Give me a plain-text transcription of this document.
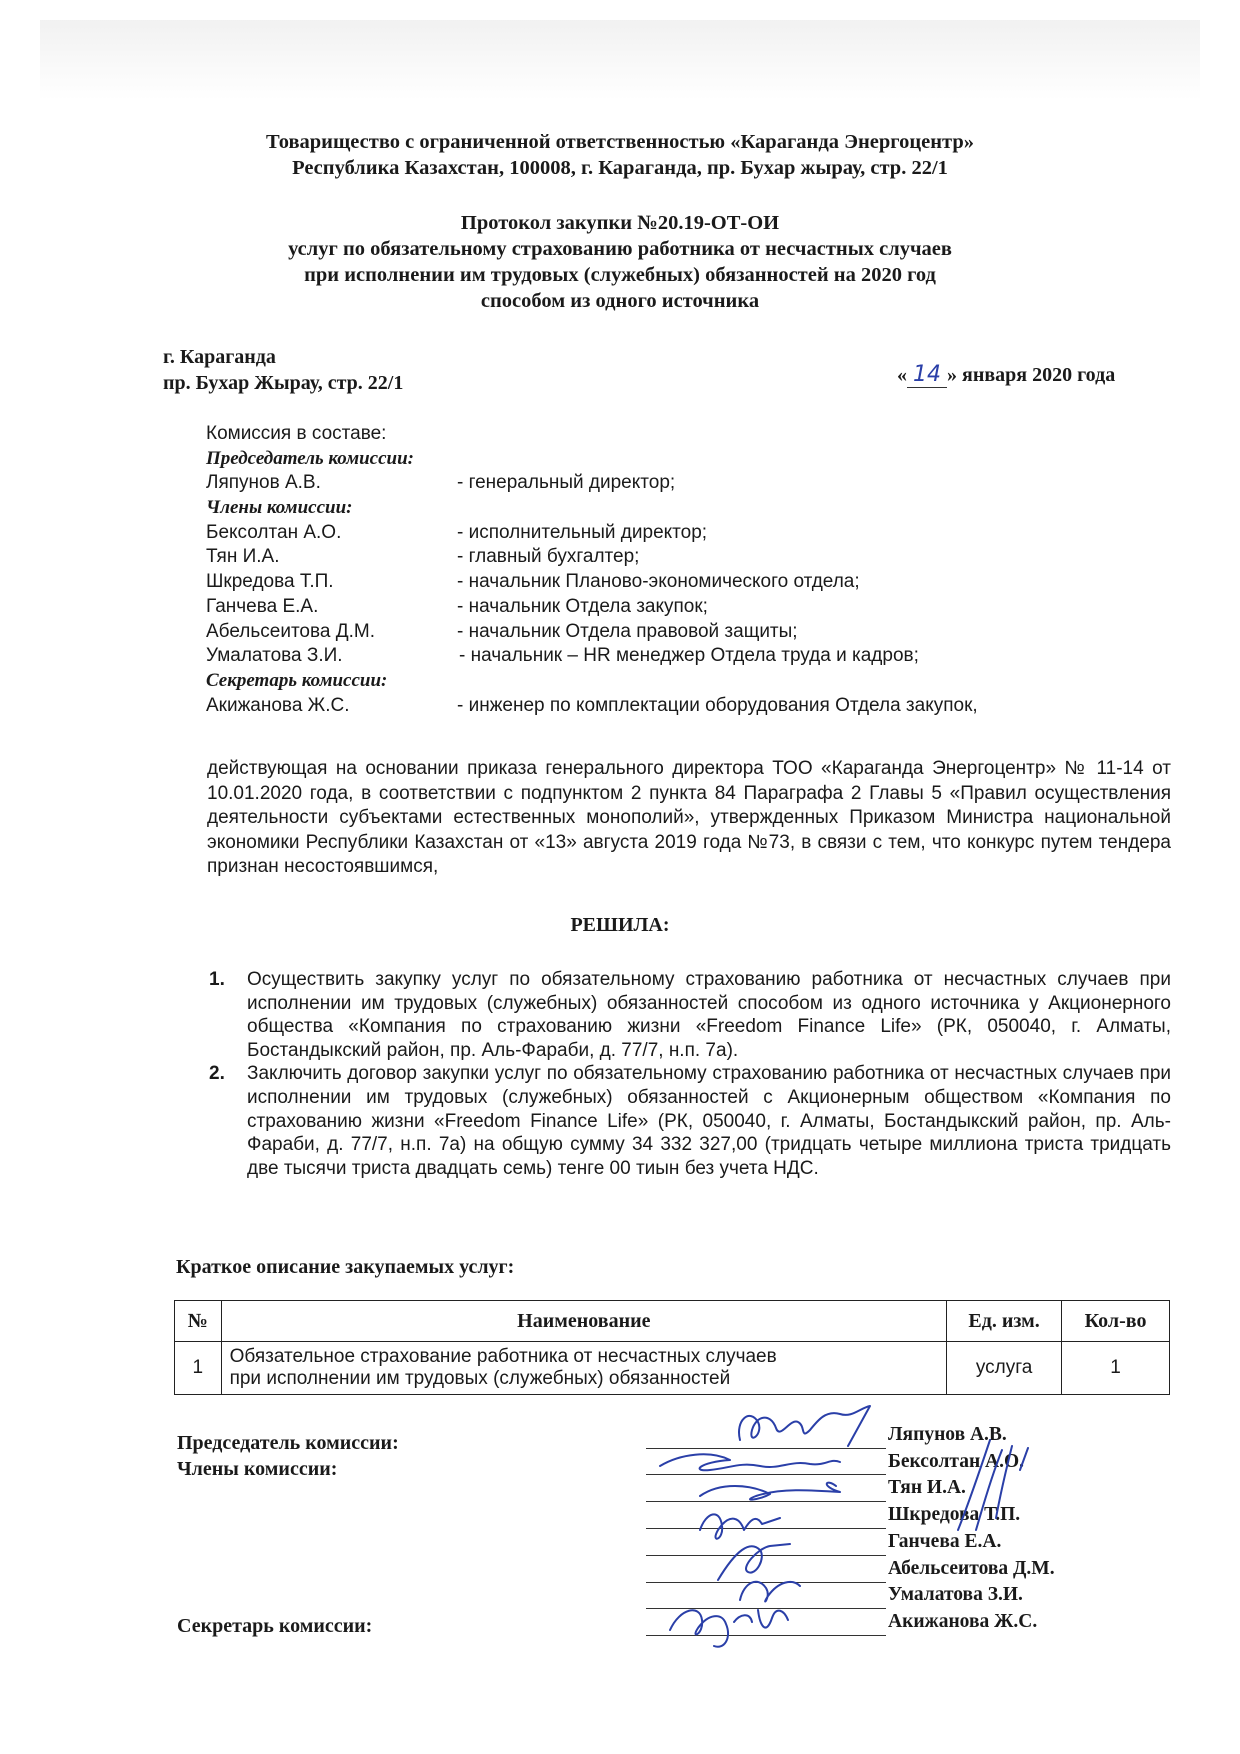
Товарищество с ограниченной ответственностью «Караганда Энергоцентр»
Республика Казахстан, 100008, г. Караганда, пр. Бухар жырау, стр. 22/1
Протокол закупки №20.19-ОТ-ОИ
услуг по обязательному страхованию работника от несчастных случаев
при исполнении им трудовых (служебных) обязанностей на 2020 год
способом из одного источника
г. Караганда
пр. Бухар Жырау, стр. 22/1	« 14 » января 2020 года
Комиссия в составе:
Председатель комиссии:
Ляпунов А.В.	- генеральный директор;
Члены комиссии:
Бексолтан А.О.	- исполнительный директор;
Тян И.А.	- главный бухгалтер;
Шкредова Т.П.	- начальник Планово-экономического отдела;
Ганчева Е.А.	- начальник Отдела закупок;
Абельсеитова Д.М.	- начальник Отдела правовой защиты;
Умалатова З.И.	- начальник – HR менеджер Отдела труда и кадров;
Секретарь комиссии:
Акижанова Ж.С.	- инженер по комплектации оборудования Отдела закупок,
действующая на основании приказа генерального директора ТОО «Караганда Энергоцентр» № 11-14 от 10.01.2020 года, в соответствии с подпунктом 2 пункта 84 Параграфа 2 Главы 5 «Правил осуществления деятельности субъектами естественных монополий», утвержденных Приказом Министра национальной экономики Республики Казахстан от «13» августа 2019 года №73, в связи с тем, что конкурс путем тендера признан несостоявшимся,
РЕШИЛА:
1. Осуществить закупку услуг по обязательному страхованию работника от несчастных случаев при исполнении им трудовых (служебных) обязанностей способом из одного источника у Акционерного общества «Компания по страхованию жизни «Freedom Finance Life» (РК, 050040, г. Алматы, Бостандыкский район, пр. Аль-Фараби, д. 77/7, н.п. 7а).
2. Заключить договор закупки услуг по обязательному страхованию работника от несчастных случаев при исполнении им трудовых (служебных) обязанностей с Акционерным обществом «Компания по страхованию жизни «Freedom Finance Life» (РК, 050040, г. Алматы, Бостандыкский район, пр. Аль-Фараби, д. 77/7, н.п. 7а) на общую сумму 34 332 327,00 (тридцать четыре миллиона триста тридцать две тысячи триста двадцать семь) тенге 00 тиын без учета НДС.
Краткое описание закупаемых услуг:
№	Наименование	Ед. изм.	Кол-во
1	Обязательное страхование работника от несчастных случаев
при исполнении им трудовых (служебных) обязанностей	услуга	1
Председатель комиссии:
Члены комиссии:
Секретарь комиссии:
Ляпунов А.В.
Бексолтан А.О.
Тян И.А.
Шкредова Т.П.
Ганчева Е.А.
Абельсеитова Д.М.
Умалатова З.И.
Акижанова Ж.С.
